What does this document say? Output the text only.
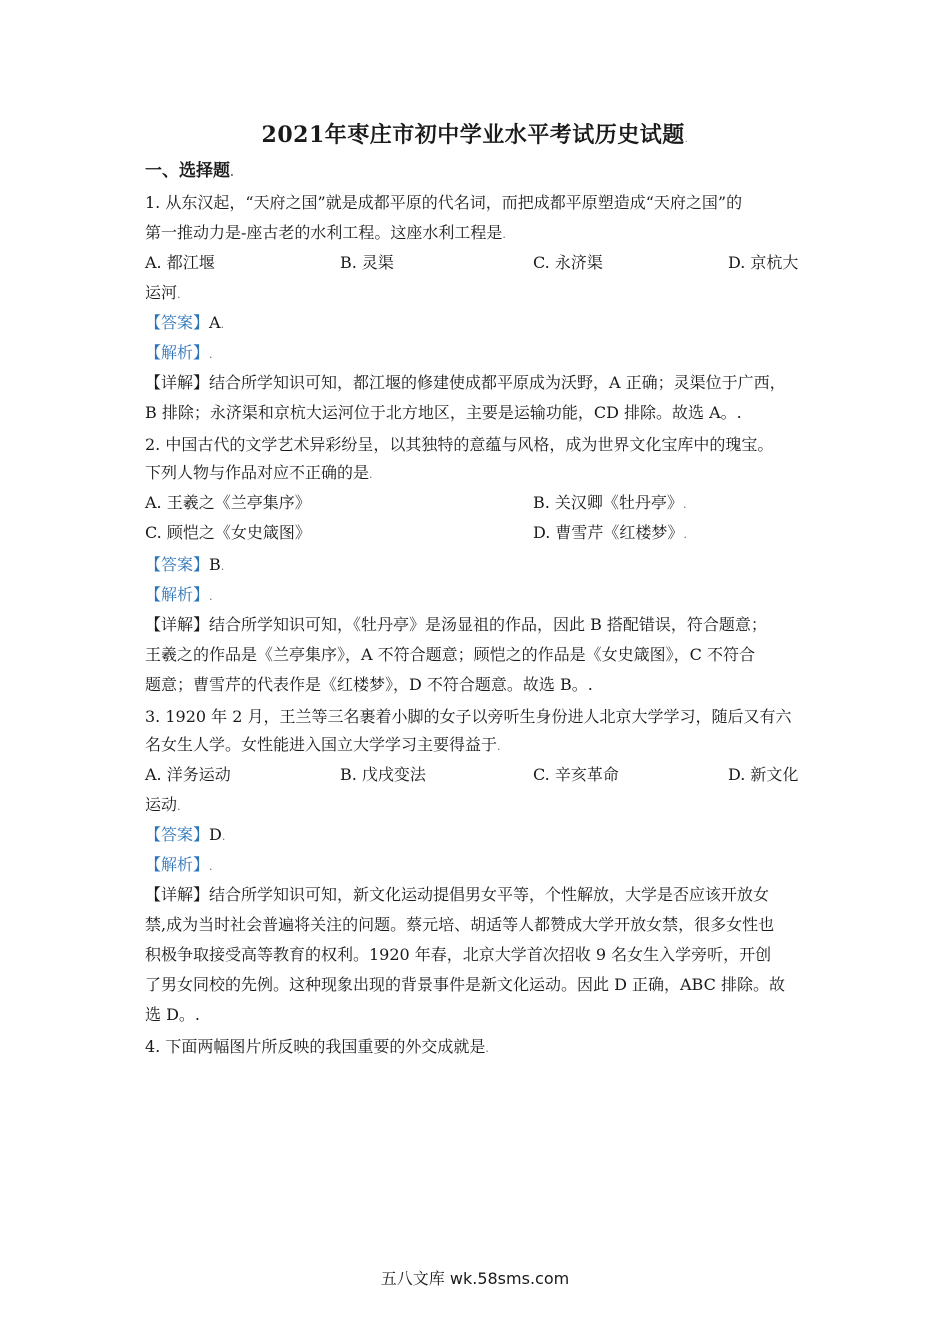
2021年枣庄市初中学业水平考试历史试题.
一、选择题.
1. 从东汉起，“天府之国”就是成都平原的代名词，而把成都平原塑造成“天府之国”的
第一推动力是-座古老的水利工程。这座水利工程是.
A. 都江堰	B. 灵渠	C. 永济渠	D. 京杭大
运河.
【答案】A.
【解析】.
【详解】结合所学知识可知，都江堰的修建使成都平原成为沃野，A 正确；灵渠位于广西，
B 排除；永济渠和京杭大运河位于北方地区，主要是运输功能，CD 排除。故选 A。.
2. 中国古代的文学艺术异彩纷呈，以其独特的意蕴与风格，成为世界文化宝库中的瑰宝。
下列人物与作品对应不正确的是.
A. 王羲之《兰亭集序》	B. 关汉卿《牡丹亭》.
C. 顾恺之《女史箴图》	D. 曹雪芹《红楼梦》.
【答案】B.
【解析】.
【详解】结合所学知识可知，《牡丹亭》是汤显祖的作品，因此 B 搭配错误，符合题意；
王羲之的作品是《兰亭集序》，A 不符合题意；顾恺之的作品是《女史箴图》，C 不符合
题意；曹雪芹的代表作是《红楼梦》，D 不符合题意。故选 B。.
3. 1920 年 2 月，王兰等三名裹着小脚的女子以旁听生身份进人北京大学学习，随后又有六
名女生人学。女性能进入国立大学学习主要得益于.
A. 洋务运动	B. 戊戌变法	C. 辛亥革命	D. 新文化
运动.
【答案】D.
【解析】.
【详解】结合所学知识可知，新文化运动提倡男女平等，个性解放，大学是否应该开放女
禁,成为当时社会普遍将关注的问题。蔡元培、胡适等人都赞成大学开放女禁，很多女性也
积极争取接受高等教育的权利。1920 年春，北京大学首次招收 9 名女生入学旁听，开创
了男女同校的先例。这种现象出现的背景事件是新文化运动。因此 D 正确，ABC 排除。故
选 D。.
4. 下面两幅图片所反映的我国重要的外交成就是.
五八文库 wk.58sms.com
